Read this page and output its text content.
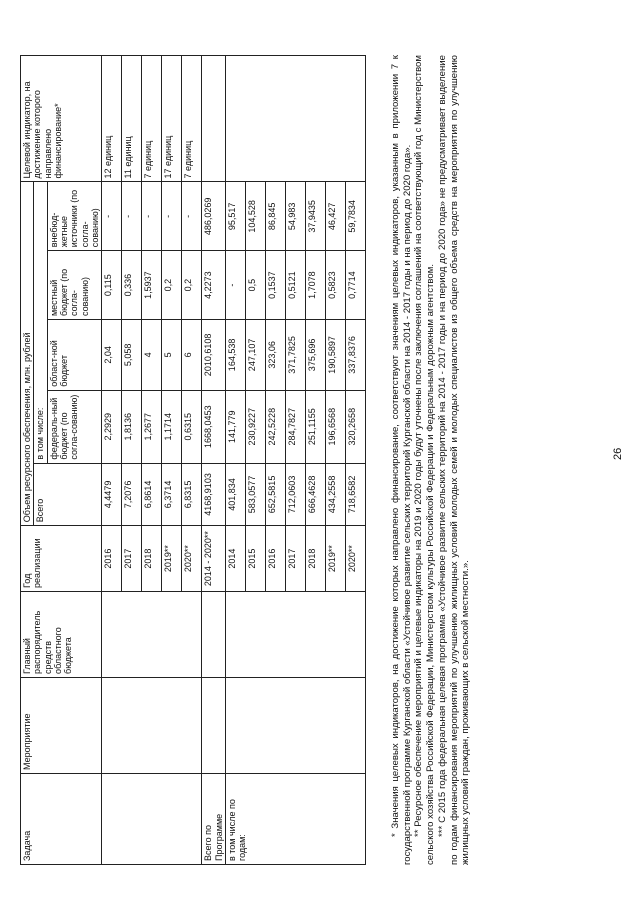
26
Задача	Мероприятие	Главный распорядитель средств областного бюджета	Год реализации	Объем ресурсного обеспечения, млн. рублей					Целевой индикатор, на достижение которого направлено финансирование*
				Всего	в том числе:				
					федераль-ный бюджет (по согла-сованию)	област-ной бюджет	местный бюджет (по согла-сованию)	внебюд-жетные источники (по согла-сованию)	
			2016	4,4479	2,2929	2,04	0,115	-	12 единиц
			2017	7,2076	1,8136	5,058	0,336	-	11 единиц
			2018	6,8614	1,2677	4	1,5937	-	7 единиц
			2019**	6,3714	1,1714	5	0,2	-	17 единиц
			2020**	6,8315	0,6315	6	0,2	-	7 единиц
Всего по Программе			2014 - 2020**	4168,9103	1668,0453	2010,6108	4,2273	486,0269	
в том числе по годам:			2014	401,834	141,779	164,538	-	95,517	
			2015	583,0577	230,9227	247,107	0,5	104,528	
			2016	652,5815	242,5228	323,06	0,1537	86,845	
			2017	712,0603	284,7827	371,7825	0,5121	54,983	
			2018	666,4628	251,1155	375,696	1,7078	37,9435	
			2019**	434,2558	196,6568	190,5897	0,5823	46,427	
			2020**	718,6582	320,2658	337,8376	0,7714	59,7834		* Значения целевых индикаторов, на достижение которых направлено финансирование, соответствуют значениям целевых индикаторов, указанным в приложении 7 к государственной программе Курганской области «Устойчивое развитие сельских территорий Курганской области на 2014 - 2017 годы и на период до 2020 года». ** Ресурсное обеспечение мероприятий и целевые индикаторы на 2019 и 2020 годы будут уточнены после заключения соглашений на соответствующий год с Министерством сельского хозяйства Российской Федерации, Министерством культуры Российской Федерации и Федеральным дорожным агентством. *** С 2015 года федеральная целевая программа «Устойчивое развитие сельских территорий на 2014 - 2017 годы и на период до 2020 года» не предусматривает выделение по годам финансирования мероприятий по улучшению жилищных условий молодых семей и молодых специалистов из общего объема средств на мероприятия по улучшению жилищных условий граждан, проживающих в сельской местности.».
